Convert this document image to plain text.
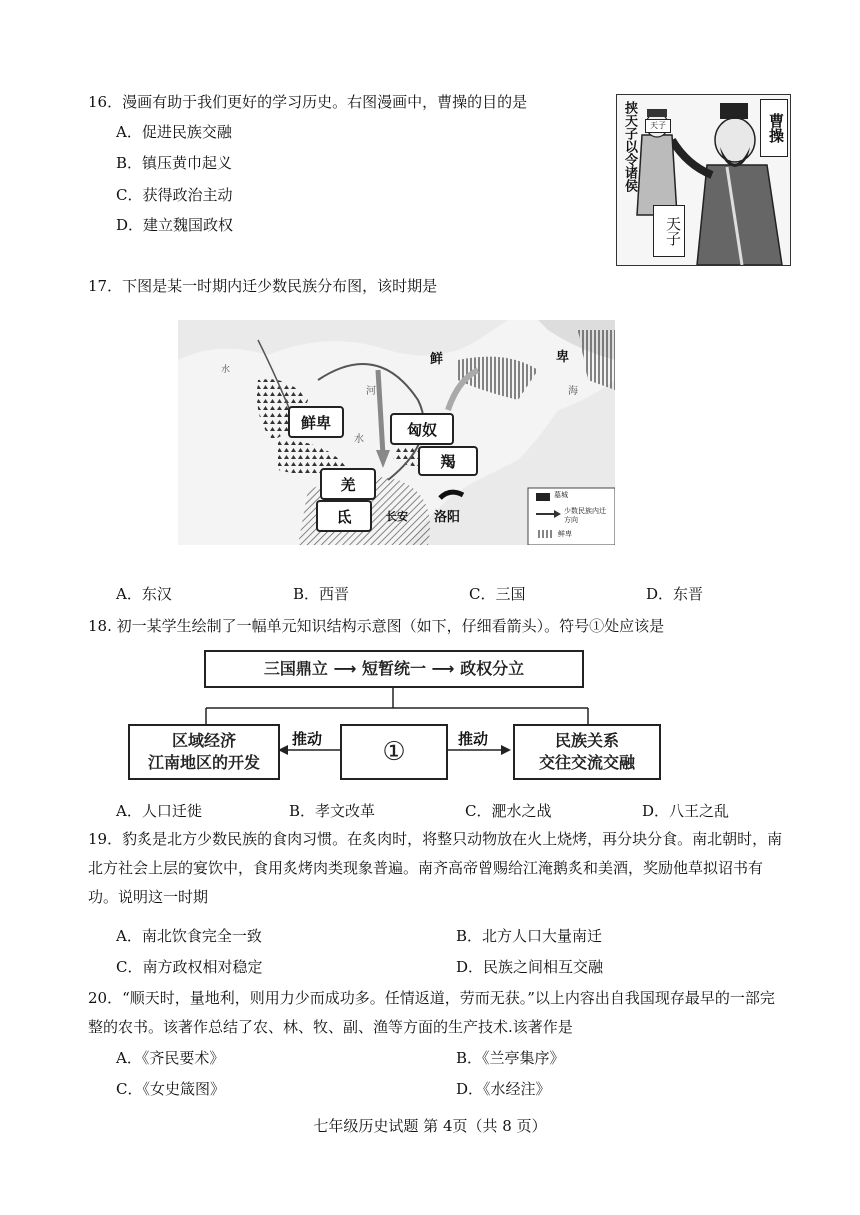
16．漫画有助于我们更好的学习历史。右图漫画中，曹操的目的是
A．促进民族交融
B．镇压黄巾起义
C．获得政治主动
D．建立魏国政权
曹操
挟天子以令诸侯	天子
天子
17．下图是某一时期内迁少数民族分布图，该时期是
鲜卑	匈奴
羯
羌
氐	长安 洛阳
河
水
海
水
鲜	卑
墓城
少数民族内迁方向
鲜卑
A．东汉	B．西晋	C．三国	D．东晋
18. 初一某学生绘制了一幅单元知识结构示意图（如下，仔细看箭头）。符号①处应该是
三国鼎立 ⟶ 短暂统一 ⟶ 政权分立
区域经济
江南地区的开发	①	民族关系
交往交流交融
推动	推动
A．人口迁徙	B．孝文改革	C．淝水之战	D．八王之乱
19．豹炙是北方少数民族的食肉习惯。在炙肉时，将整只动物放在火上烧烤，再分块分食。南北朝时，南北方社会上层的宴饮中，食用炙烤肉类现象普遍。南齐高帝曾赐给江淹鹅炙和美酒，奖励他草拟诏书有功。说明这一时期
A．南北饮食完全一致	B．北方人口大量南迁
C．南方政权相对稳定	D．民族之间相互交融
20．“顺天时，量地利，则用力少而成功多。任情返道，劳而无获。”以上内容出自我国现存最早的一部完整的农书。该著作总结了农、林、牧、副、渔等方面的生产技术.该著作是
A．《齐民要术》	B．《兰亭集序》
C．《女史箴图》	D．《水经注》
七年级历史试题 第 4页（共 8 页）
